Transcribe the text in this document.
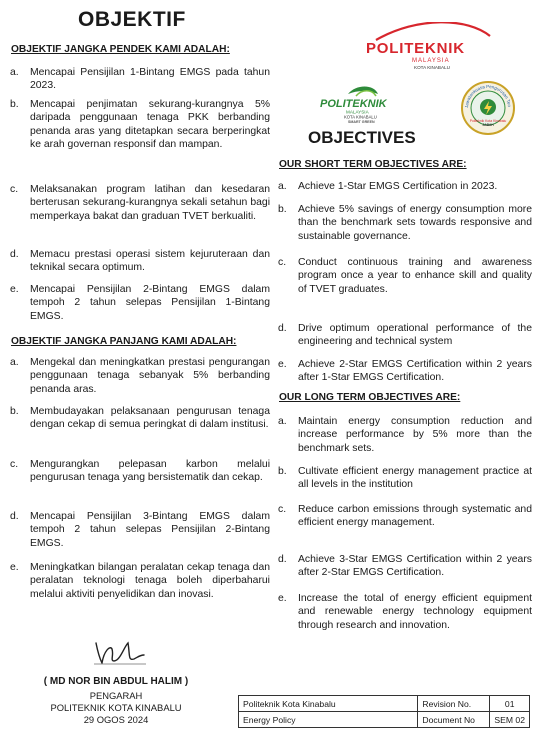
OBJEKTIF
OBJEKTIF JANGKA PENDEK KAMI ADALAH:
a.	Mencapai Pensijilan 1-Bintang EMGS pada tahun 2023.
b.	Mencapai penjimatan sekurang-kurangnya 5% daripada penggunaan tenaga PKK berbanding penanda aras yang ditetapkan secara berperingkat ke arah governan responsif dan mampan.
c.	Melaksanakan program latihan dan kesedaran berterusan sekurang-kurangnya sekali setahun bagi memperkaya bakat dan graduan TVET berkualiti.
d.	Memacu prestasi operasi sistem kejuruteraan dan teknikal secara optimum.
e.	Mencapai Pensijilan 2-Bintang EMGS dalam tempoh 2 tahun selepas Pensijilan 1-Bintang EMGS.
OBJEKTIF JANGKA PANJANG KAMI ADALAH:
a.	Mengekal dan meningkatkan prestasi pengurangan penggunaan tenaga sebanyak 5% berbanding penanda aras.
b.	Membudayakan pelaksanaan pengurusan tenaga dengan cekap di semua peringkat di dalam institusi.
c.	Mengurangkan pelepasan karbon melalui pengurusan tenaga yang bersistematik dan cekap.
d.	Mencapai Pensijilan 3-Bintang EMGS dalam tempoh 2 tahun selepas Pensijilan 2-Bintang EMGS.
e.	Meningkatkan bilangan peralatan cekap tenaga dan peralatan teknologi tenaga boleh diperbaharui melalui aktiviti penyelidikan dan inovasi.
POLITEKNIK
MALAYSIA
KOTA KINABALU
POLITEKNIK
MALAYSIA
KOTA KINABALU
SMART GREEN
Jawatankuasa Pengurusan Ten
Politeknik Kota Kinabalu
SABAH
OBJECTIVES
OUR SHORT TERM OBJECTIVES ARE:
a.	Achieve 1-Star EMGS Certification in 2023.
b.	Achieve 5% savings of energy consumption more than the benchmark sets towards responsive and sustainable governance.
c.	Conduct continuous training and awareness program once a year to enhance skill and quality of TVET graduates.
d.	Drive optimum operational performance of the engineering and technical system
e.	Achieve 2-Star EMGS Certification within 2 years after 1-Star EMGS Certification.
OUR LONG TERM OBJECTIVES ARE:
a.	Maintain energy consumption reduction and increase performance by 5% more than the benchmark sets.
b.	Cultivate efficient energy management practice at all levels in the institution
c.	Reduce carbon emissions through systematic and efficient energy management.
d.	Achieve 3-Star EMGS Certification within 2 years after 2-Star EMGS Certification.
e.	Increase the total of energy efficient equipment and renewable energy technology equipment through research and innovation.
( MD NOR BIN ABDUL HALIM )
PENGARAH
POLITEKNIK KOTA KINABALU
29 OGOS 2024
Politeknik Kota Kinabalu	Revision No.	01
Energy Policy	Document No	SEM 02
